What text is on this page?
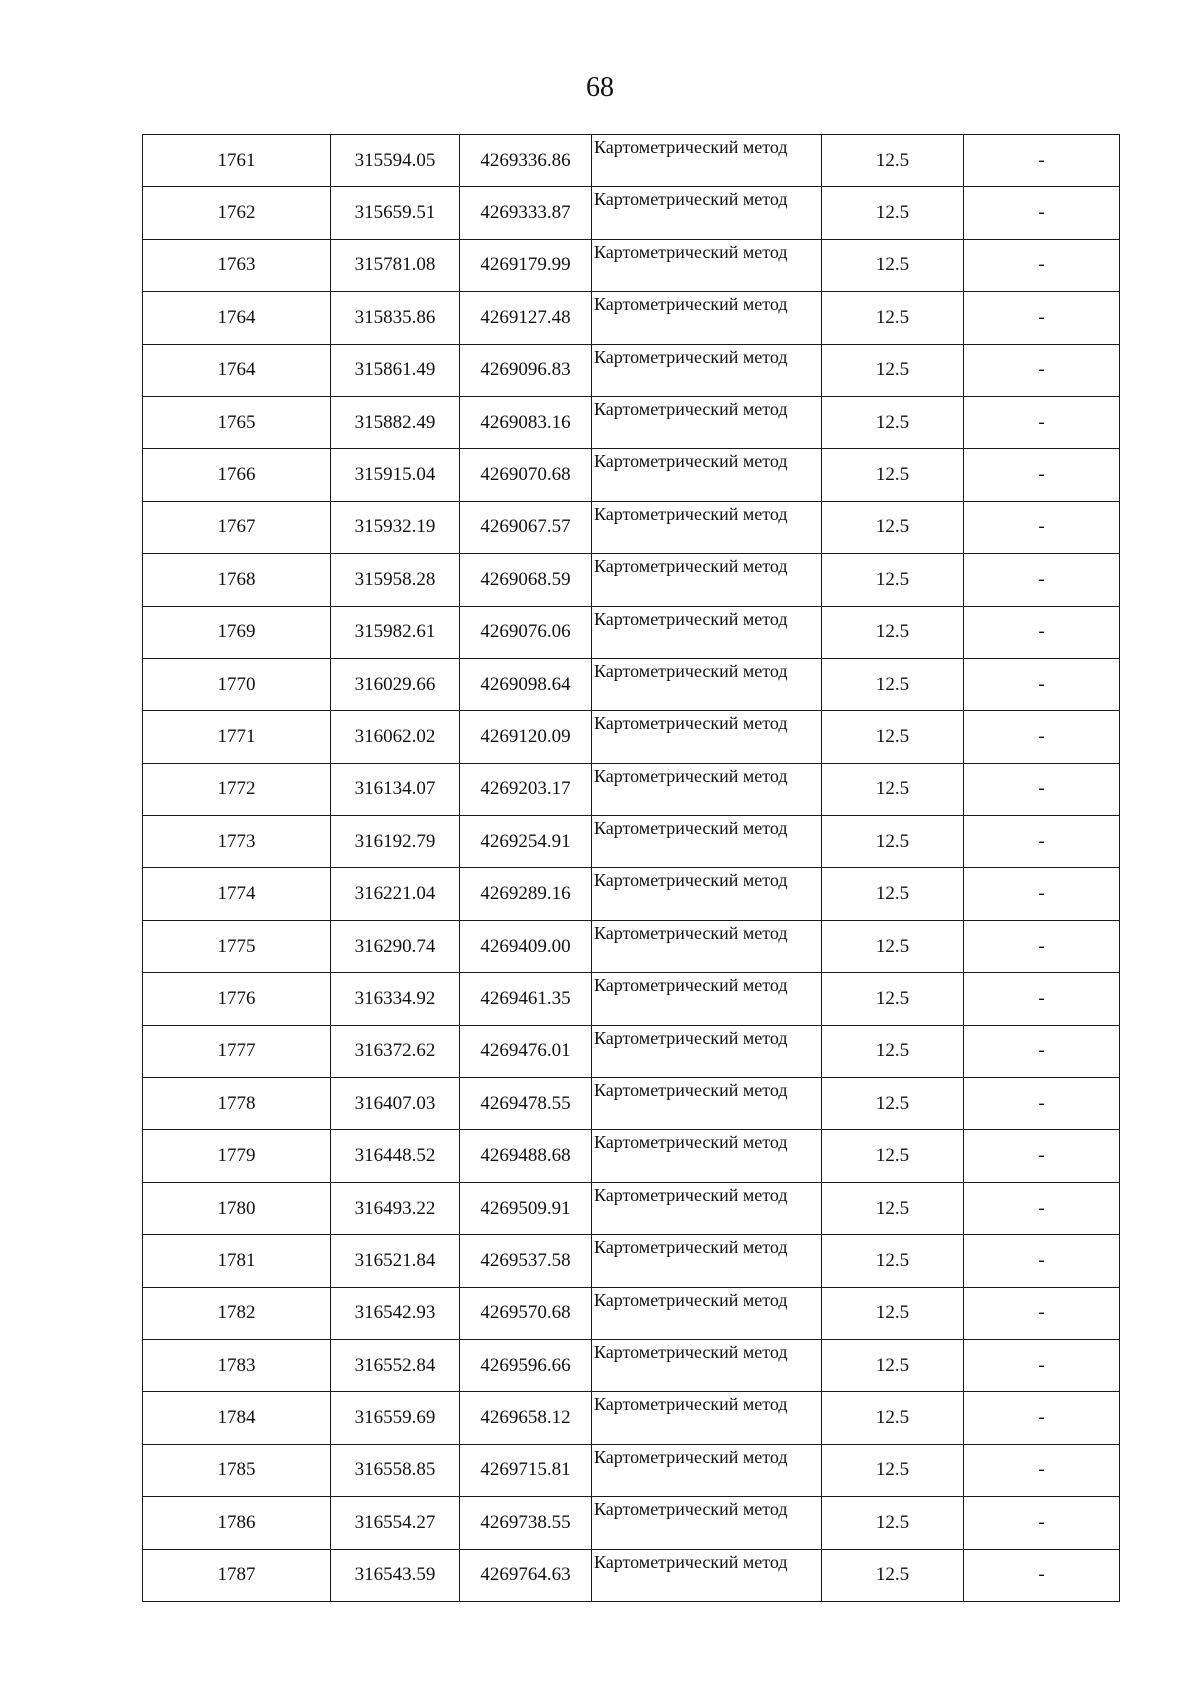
68
1761	315594.05	4269336.86	Картометрический метод	12.5	-
1762	315659.51	4269333.87	Картометрический метод	12.5	-
1763	315781.08	4269179.99	Картометрический метод	12.5	-
1764	315835.86	4269127.48	Картометрический метод	12.5	-
1764	315861.49	4269096.83	Картометрический метод	12.5	-
1765	315882.49	4269083.16	Картометрический метод	12.5	-
1766	315915.04	4269070.68	Картометрический метод	12.5	-
1767	315932.19	4269067.57	Картометрический метод	12.5	-
1768	315958.28	4269068.59	Картометрический метод	12.5	-
1769	315982.61	4269076.06	Картометрический метод	12.5	-
1770	316029.66	4269098.64	Картометрический метод	12.5	-
1771	316062.02	4269120.09	Картометрический метод	12.5	-
1772	316134.07	4269203.17	Картометрический метод	12.5	-
1773	316192.79	4269254.91	Картометрический метод	12.5	-
1774	316221.04	4269289.16	Картометрический метод	12.5	-
1775	316290.74	4269409.00	Картометрический метод	12.5	-
1776	316334.92	4269461.35	Картометрический метод	12.5	-
1777	316372.62	4269476.01	Картометрический метод	12.5	-
1778	316407.03	4269478.55	Картометрический метод	12.5	-
1779	316448.52	4269488.68	Картометрический метод	12.5	-
1780	316493.22	4269509.91	Картометрический метод	12.5	-
1781	316521.84	4269537.58	Картометрический метод	12.5	-
1782	316542.93	4269570.68	Картометрический метод	12.5	-
1783	316552.84	4269596.66	Картометрический метод	12.5	-
1784	316559.69	4269658.12	Картометрический метод	12.5	-
1785	316558.85	4269715.81	Картометрический метод	12.5	-
1786	316554.27	4269738.55	Картометрический метод	12.5	-
1787	316543.59	4269764.63	Картометрический метод	12.5	-
